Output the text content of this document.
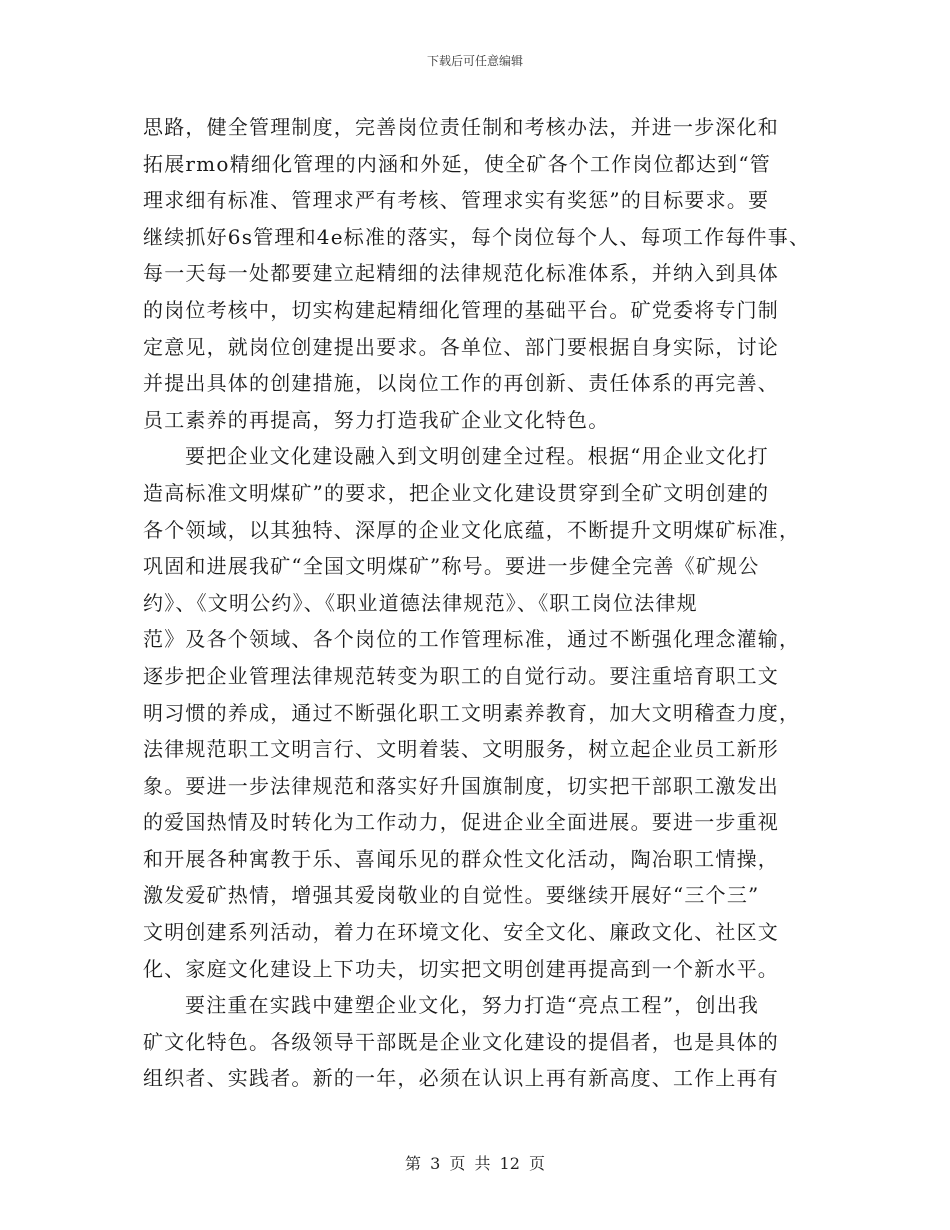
下载后可任意编辑
思路，健全管理制度，完善岗位责任制和考核办法，并进一步深化和
拓展rmo精细化管理的内涵和外延，使全矿各个工作岗位都达到“管
理求细有标准、管理求严有考核、管理求实有奖惩”的目标要求。要
继续抓好6s管理和4e标准的落实，每个岗位每个人、每项工作每件事、
每一天每一处都要建立起精细的法律规范化标准体系，并纳入到具体
的岗位考核中，切实构建起精细化管理的基础平台。矿党委将专门制
定意见，就岗位创建提出要求。各单位、部门要根据自身实际，讨论
并提出具体的创建措施，以岗位工作的再创新、责任体系的再完善、
员工素养的再提高，努力打造我矿企业文化特色。
要把企业文化建设融入到文明创建全过程。根据“用企业文化打
造高标准文明煤矿”的要求，把企业文化建设贯穿到全矿文明创建的
各个领域，以其独特、深厚的企业文化底蕴，不断提升文明煤矿标准，
巩固和进展我矿“全国文明煤矿”称号。要进一步健全完善《矿规公
约》、《文明公约》、《职业道德法律规范》、《职工岗位法律规
范》及各个领域、各个岗位的工作管理标准，通过不断强化理念灌输，
逐步把企业管理法律规范转变为职工的自觉行动。要注重培育职工文
明习惯的养成，通过不断强化职工文明素养教育，加大文明稽查力度，
法律规范职工文明言行、文明着装、文明服务，树立起企业员工新形
象。要进一步法律规范和落实好升国旗制度，切实把干部职工激发出
的爱国热情及时转化为工作动力，促进企业全面进展。要进一步重视
和开展各种寓教于乐、喜闻乐见的群众性文化活动，陶冶职工情操，
激发爱矿热情，增强其爱岗敬业的自觉性。要继续开展好“三个三”
文明创建系列活动，着力在环境文化、安全文化、廉政文化、社区文
化、家庭文化建设上下功夫，切实把文明创建再提高到一个新水平。
要注重在实践中建塑企业文化，努力打造“亮点工程”，创出我
矿文化特色。各级领导干部既是企业文化建设的提倡者，也是具体的
组织者、实践者。新的一年，必须在认识上再有新高度、工作上再有
第 3 页 共 12 页
